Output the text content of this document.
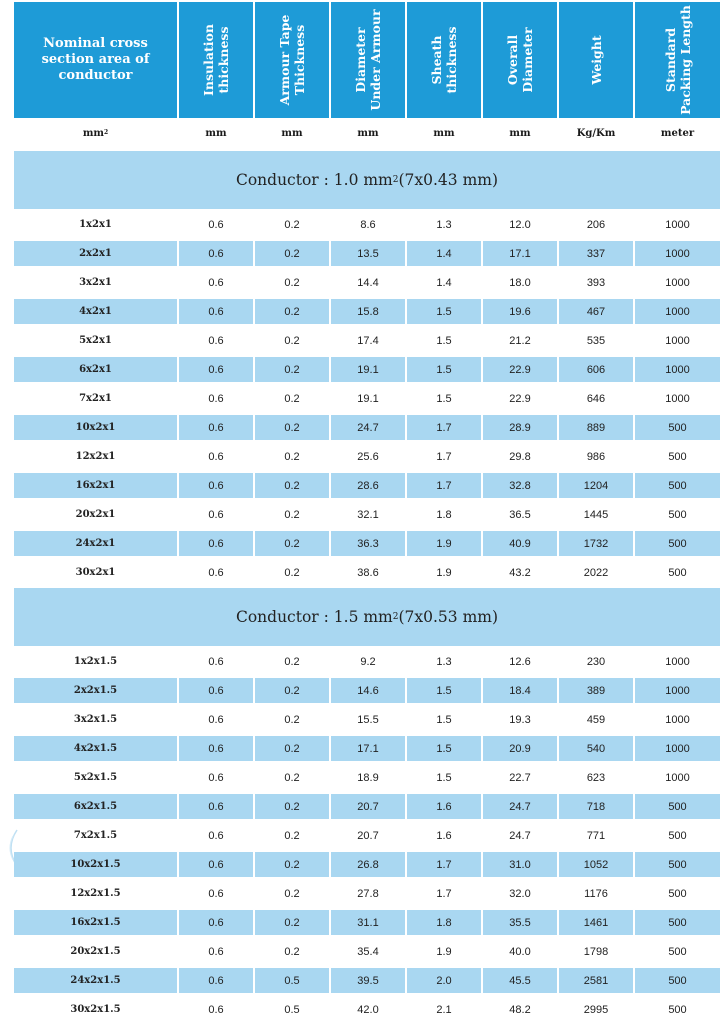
Nominal cross section area of conductor	Insulation thickness	Armour Tape Thickness	Diameter Under Armour	Sheath thickness	Overall Diameter	Weight	Standard Packing Length
mm 2	mm	mm	mm	mm	mm	Kg/Km	meter
Conductor : 1.0 mm 2 (7x0.43 mm)
1x2x1	0.6	0.2	8.6	1.3	12.0	206	1000
2x2x1	0.6	0.2	13.5	1.4	17.1	337	1000
3x2x1	0.6	0.2	14.4	1.4	18.0	393	1000
4x2x1	0.6	0.2	15.8	1.5	19.6	467	1000
5x2x1	0.6	0.2	17.4	1.5	21.2	535	1000
6x2x1	0.6	0.2	19.1	1.5	22.9	606	1000
7x2x1	0.6	0.2	19.1	1.5	22.9	646	1000
10x2x1	0.6	0.2	24.7	1.7	28.9	889	500
12x2x1	0.6	0.2	25.6	1.7	29.8	986	500
16x2x1	0.6	0.2	28.6	1.7	32.8	1204	500
20x2x1	0.6	0.2	32.1	1.8	36.5	1445	500
24x2x1	0.6	0.2	36.3	1.9	40.9	1732	500
30x2x1	0.6	0.2	38.6	1.9	43.2	2022	500
Conductor : 1.5 mm 2 (7x0.53 mm)
1x2x1.5	0.6	0.2	9.2	1.3	12.6	230	1000
2x2x1.5	0.6	0.2	14.6	1.5	18.4	389	1000
3x2x1.5	0.6	0.2	15.5	1.5	19.3	459	1000
4x2x1.5	0.6	0.2	17.1	1.5	20.9	540	1000
5x2x1.5	0.6	0.2	18.9	1.5	22.7	623	1000
6x2x1.5	0.6	0.2	20.7	1.6	24.7	718	500
7x2x1.5	0.6	0.2	20.7	1.6	24.7	771	500
10x2x1.5	0.6	0.2	26.8	1.7	31.0	1052	500
12x2x1.5	0.6	0.2	27.8	1.7	32.0	1176	500
16x2x1.5	0.6	0.2	31.1	1.8	35.5	1461	500
20x2x1.5	0.6	0.2	35.4	1.9	40.0	1798	500
24x2x1.5	0.6	0.5	39.5	2.0	45.5	2581	500
30x2x1.5	0.6	0.5	42.0	2.1	48.2	2995	500
